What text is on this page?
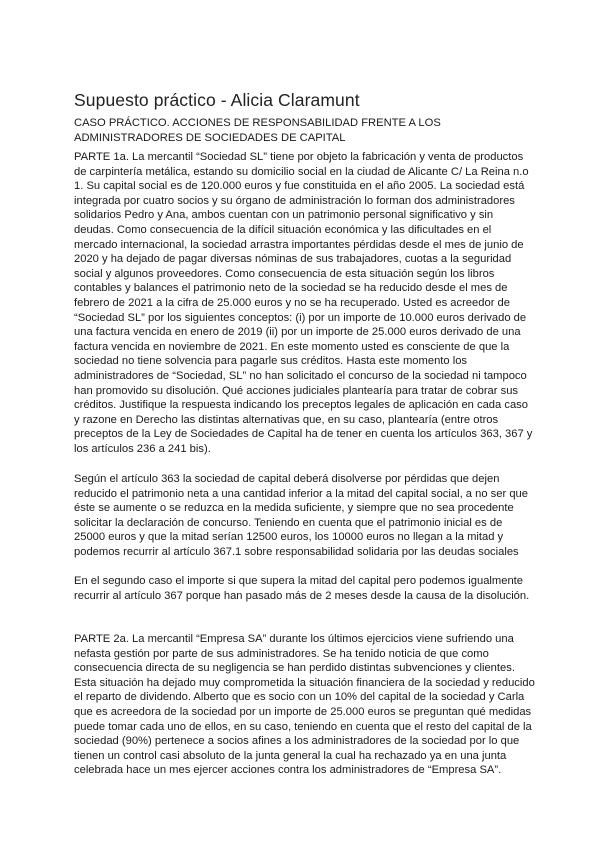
Supuesto práctico - Alicia Claramunt

CASO PRÁCTICO. ACCIONES DE RESPONSABILIDAD FRENTE A LOS ADMINISTRADORES DE SOCIEDADES DE CAPITAL

PARTE 1a. La mercantil “Sociedad SL” tiene por objeto la fabricación y venta de productos de carpintería metálica, estando su domicilio social en la ciudad de Alicante C/ La Reina n.o 1. Su capital social es de 120.000 euros y fue constituida en el año 2005. La sociedad está integrada por cuatro socios y su órgano de administración lo forman dos administradores solidarios Pedro y Ana, ambos cuentan con un patrimonio personal significativo y sin deudas. Como consecuencia de la difícil situación económica y las dificultades en el mercado internacional, la sociedad arrastra importantes pérdidas desde el mes de junio de 2020 y ha dejado de pagar diversas nóminas de sus trabajadores, cuotas a la seguridad social y algunos proveedores. Como consecuencia de esta situación según los libros contables y balances el patrimonio neto de la sociedad se ha reducido desde el mes de febrero de 2021 a la cifra de 25.000 euros y no se ha recuperado. Usted es acreedor de “Sociedad SL” por los siguientes conceptos: (i) por un importe de 10.000 euros derivado de una factura vencida en enero de 2019 (ii) por un importe de 25.000 euros derivado de una factura vencida en noviembre de 2021. En este momento usted es consciente de que la sociedad no tiene solvencia para pagarle sus créditos. Hasta este momento los administradores de “Sociedad, SL” no han solicitado el concurso de la sociedad ni tampoco han promovido su disolución. Qué acciones judiciales plantearía para tratar de cobrar sus créditos. Justifique la respuesta indicando los preceptos legales de aplicación en cada caso y razone en Derecho las distintas alternativas que, en su caso, plantearía (entre otros preceptos de la Ley de Sociedades de Capital ha de tener en cuenta los artículos 363, 367 y los artículos 236 a 241 bis).

Según el artículo 363 la sociedad de capital deberá disolverse por pérdidas que dejen reducido el patrimonio neta a una cantidad inferior a la mitad del capital social, a no ser que éste se aumente o se reduzca en la medida suficiente, y siempre que no sea procedente solicitar la declaración de concurso. Teniendo en cuenta que el patrimonio inicial es de 25000 euros y que la mitad serían 12500 euros, los 10000 euros no llegan a la mitad y podemos recurrir al artículo 367.1 sobre responsabilidad solidaria por las deudas sociales

En el segundo caso el importe si que supera la mitad del capital pero podemos igualmente recurrir al artículo 367 porque han pasado más de 2 meses desde la causa de la disolución.

PARTE 2a. La mercantil “Empresa SA” durante los últimos ejercicios viene sufriendo una nefasta gestión por parte de sus administradores. Se ha tenido noticia de que como consecuencia directa de su negligencia se han perdido distintas subvenciones y clientes. Esta situación ha dejado muy comprometida la situación financiera de la sociedad y reducido el reparto de dividendo. Alberto que es socio con un 10% del capital de la sociedad y Carla que es acreedora de la sociedad por un importe de 25.000 euros se preguntan qué medidas puede tomar cada uno de ellos, en su caso, teniendo en cuenta que el resto del capital de la sociedad (90%) pertenece a socios afines a los administradores de la sociedad por lo que tienen un control casi absoluto de la junta general la cual ha rechazado ya en una junta celebrada hace un mes ejercer acciones contra los administradores de “Empresa SA”.
